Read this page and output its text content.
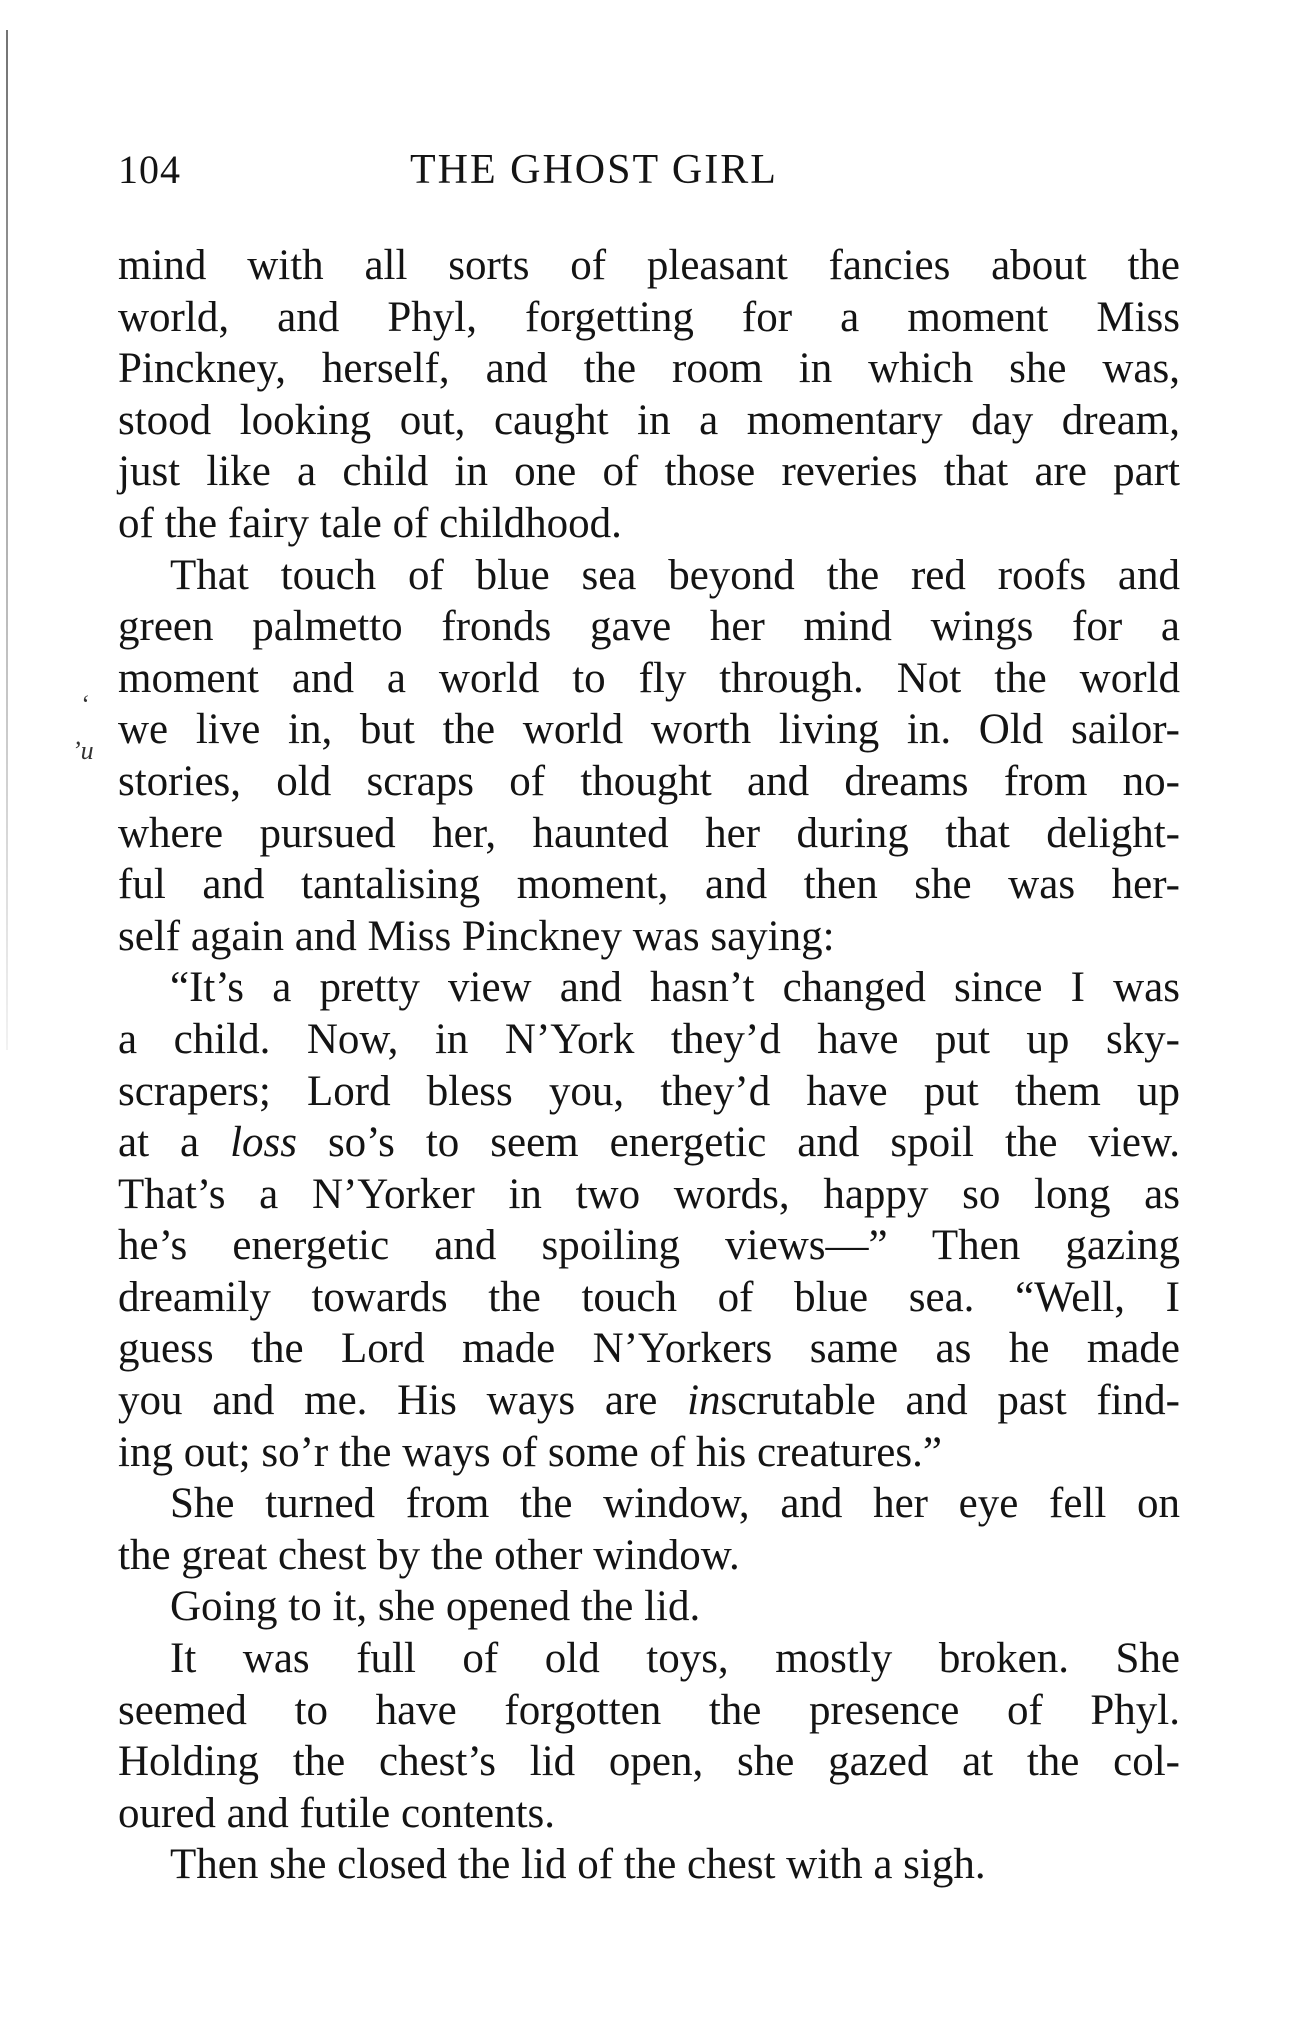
104	THE GHOST GIRL
‘
ʼи
mind with all sorts of pleasant fancies about the
world, and Phyl, forgetting for a moment Miss
Pinckney, herself, and the room in which she was,
stood looking out, caught in a momentary day dream,
just like a child in one of those reveries that are part
of the fairy tale of childhood.
That touch of blue sea beyond the red roofs and
green palmetto fronds gave her mind wings for a
moment and a world to fly through. Not the world
we live in, but the world worth living in. Old sailor-
stories, old scraps of thought and dreams from no-
where pursued her, haunted her during that delight-
ful and tantalising moment, and then she was her-
self again and Miss Pinckney was saying:
“It’s a pretty view and hasn’t changed since I was
a child. Now, in N’York they’d have put up sky-
scrapers; Lord bless you, they’d have put them up
at a loss so’s to seem energetic and spoil the view.
That’s a N’Yorker in two words, happy so long as
he’s energetic and spoiling views—” Then gazing
dreamily towards the touch of blue sea. “Well, I
guess the Lord made N’Yorkers same as he made
you and me. His ways are inscrutable and past find-
ing out; so’r the ways of some of his creatures.”
She turned from the window, and her eye fell on
the great chest by the other window.
Going to it, she opened the lid.
It was full of old toys, mostly broken. She
seemed to have forgotten the presence of Phyl.
Holding the chest’s lid open, she gazed at the col-
oured and futile contents.
Then she closed the lid of the chest with a sigh.
